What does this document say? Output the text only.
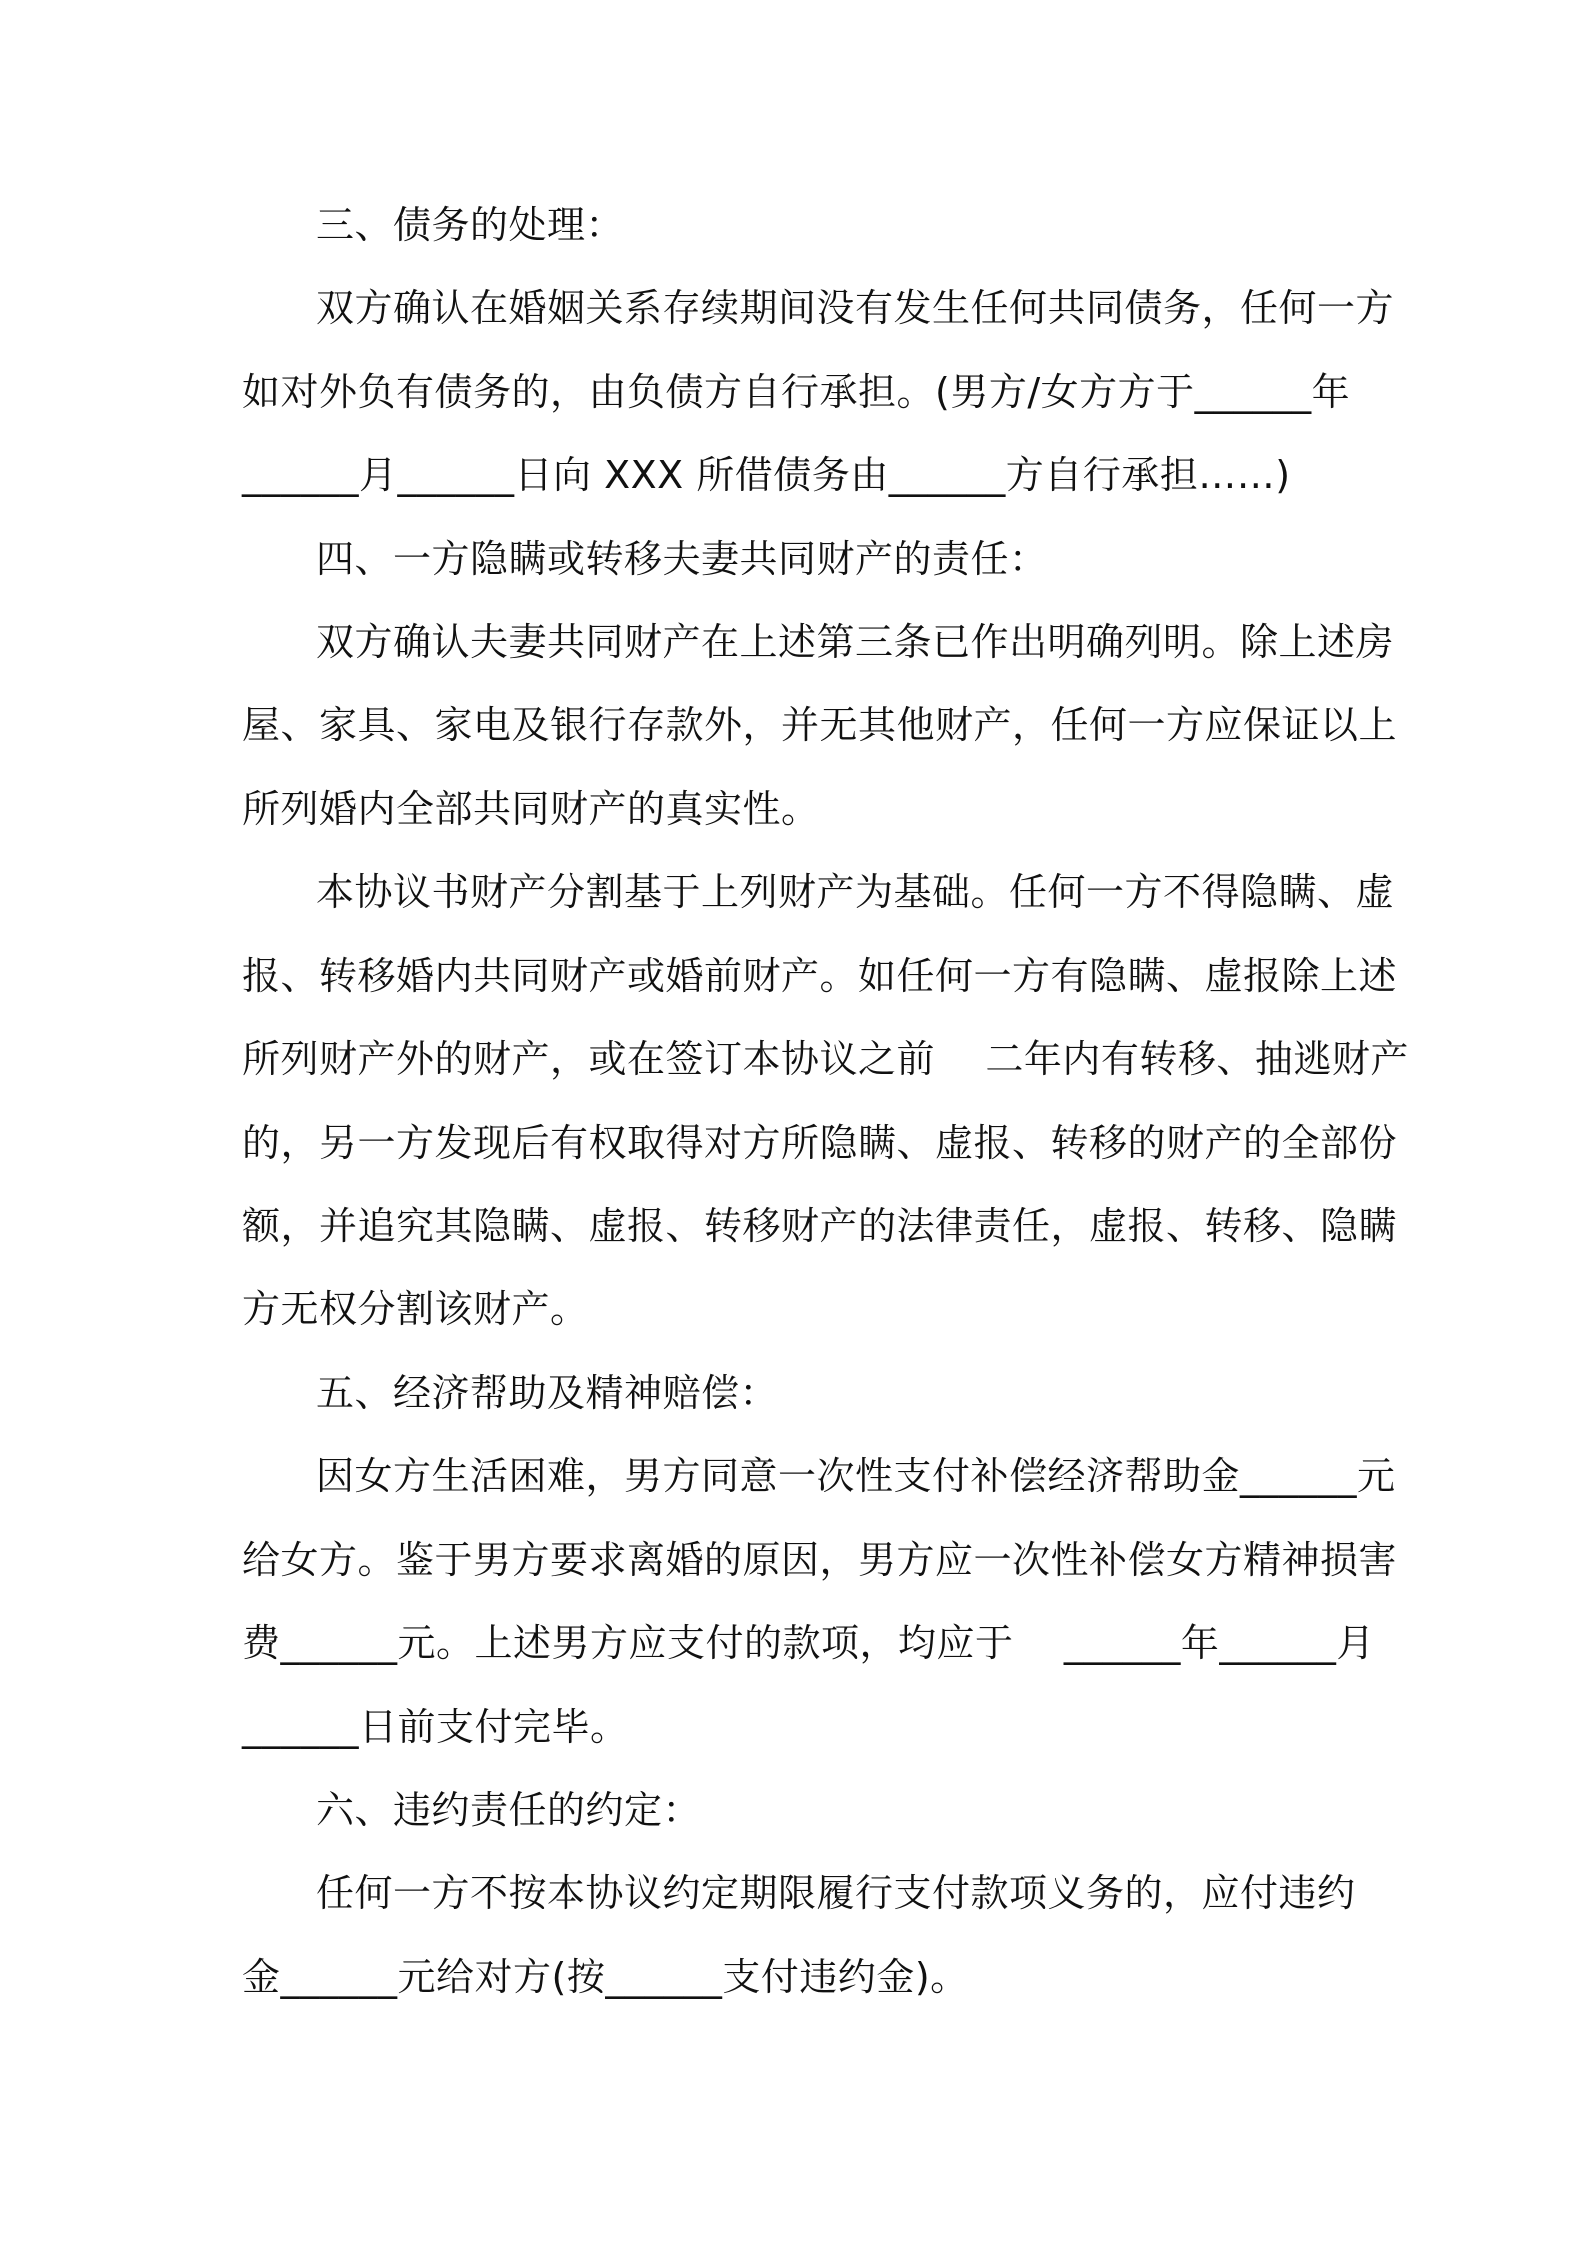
三、债务的处理：
双方确认在婚姻关系存续期间没有发生任何共同债务，任何一方
如对外负有债务的，由负债方自行承担。(男方/女方方于______年
______月______日向 XXX 所借债务由______方自行承担……)
四、一方隐瞒或转移夫妻共同财产的责任：
双方确认夫妻共同财产在上述第三条已作出明确列明。除上述房
屋、家具、家电及银行存款外，并无其他财产，任何一方应保证以上
所列婚内全部共同财产的真实性。
本协议书财产分割基于上列财产为基础。任何一方不得隐瞒、虚
报、转移婚内共同财产或婚前财产。如任何一方有隐瞒、虚报除上述
所列财产外的财产，或在签订本协议之前    二年内有转移、抽逃财产
的，另一方发现后有权取得对方所隐瞒、虚报、转移的财产的全部份
额，并追究其隐瞒、虚报、转移财产的法律责任，虚报、转移、隐瞒
方无权分割该财产。
五、经济帮助及精神赔偿：
因女方生活困难，男方同意一次性支付补偿经济帮助金______元
给女方。鉴于男方要求离婚的原因，男方应一次性补偿女方精神损害
费______元。上述男方应支付的款项，均应于    ______年______月
______日前支付完毕。
六、违约责任的约定：
任何一方不按本协议约定期限履行支付款项义务的，应付违约
金______元给对方(按______支付违约金)。
